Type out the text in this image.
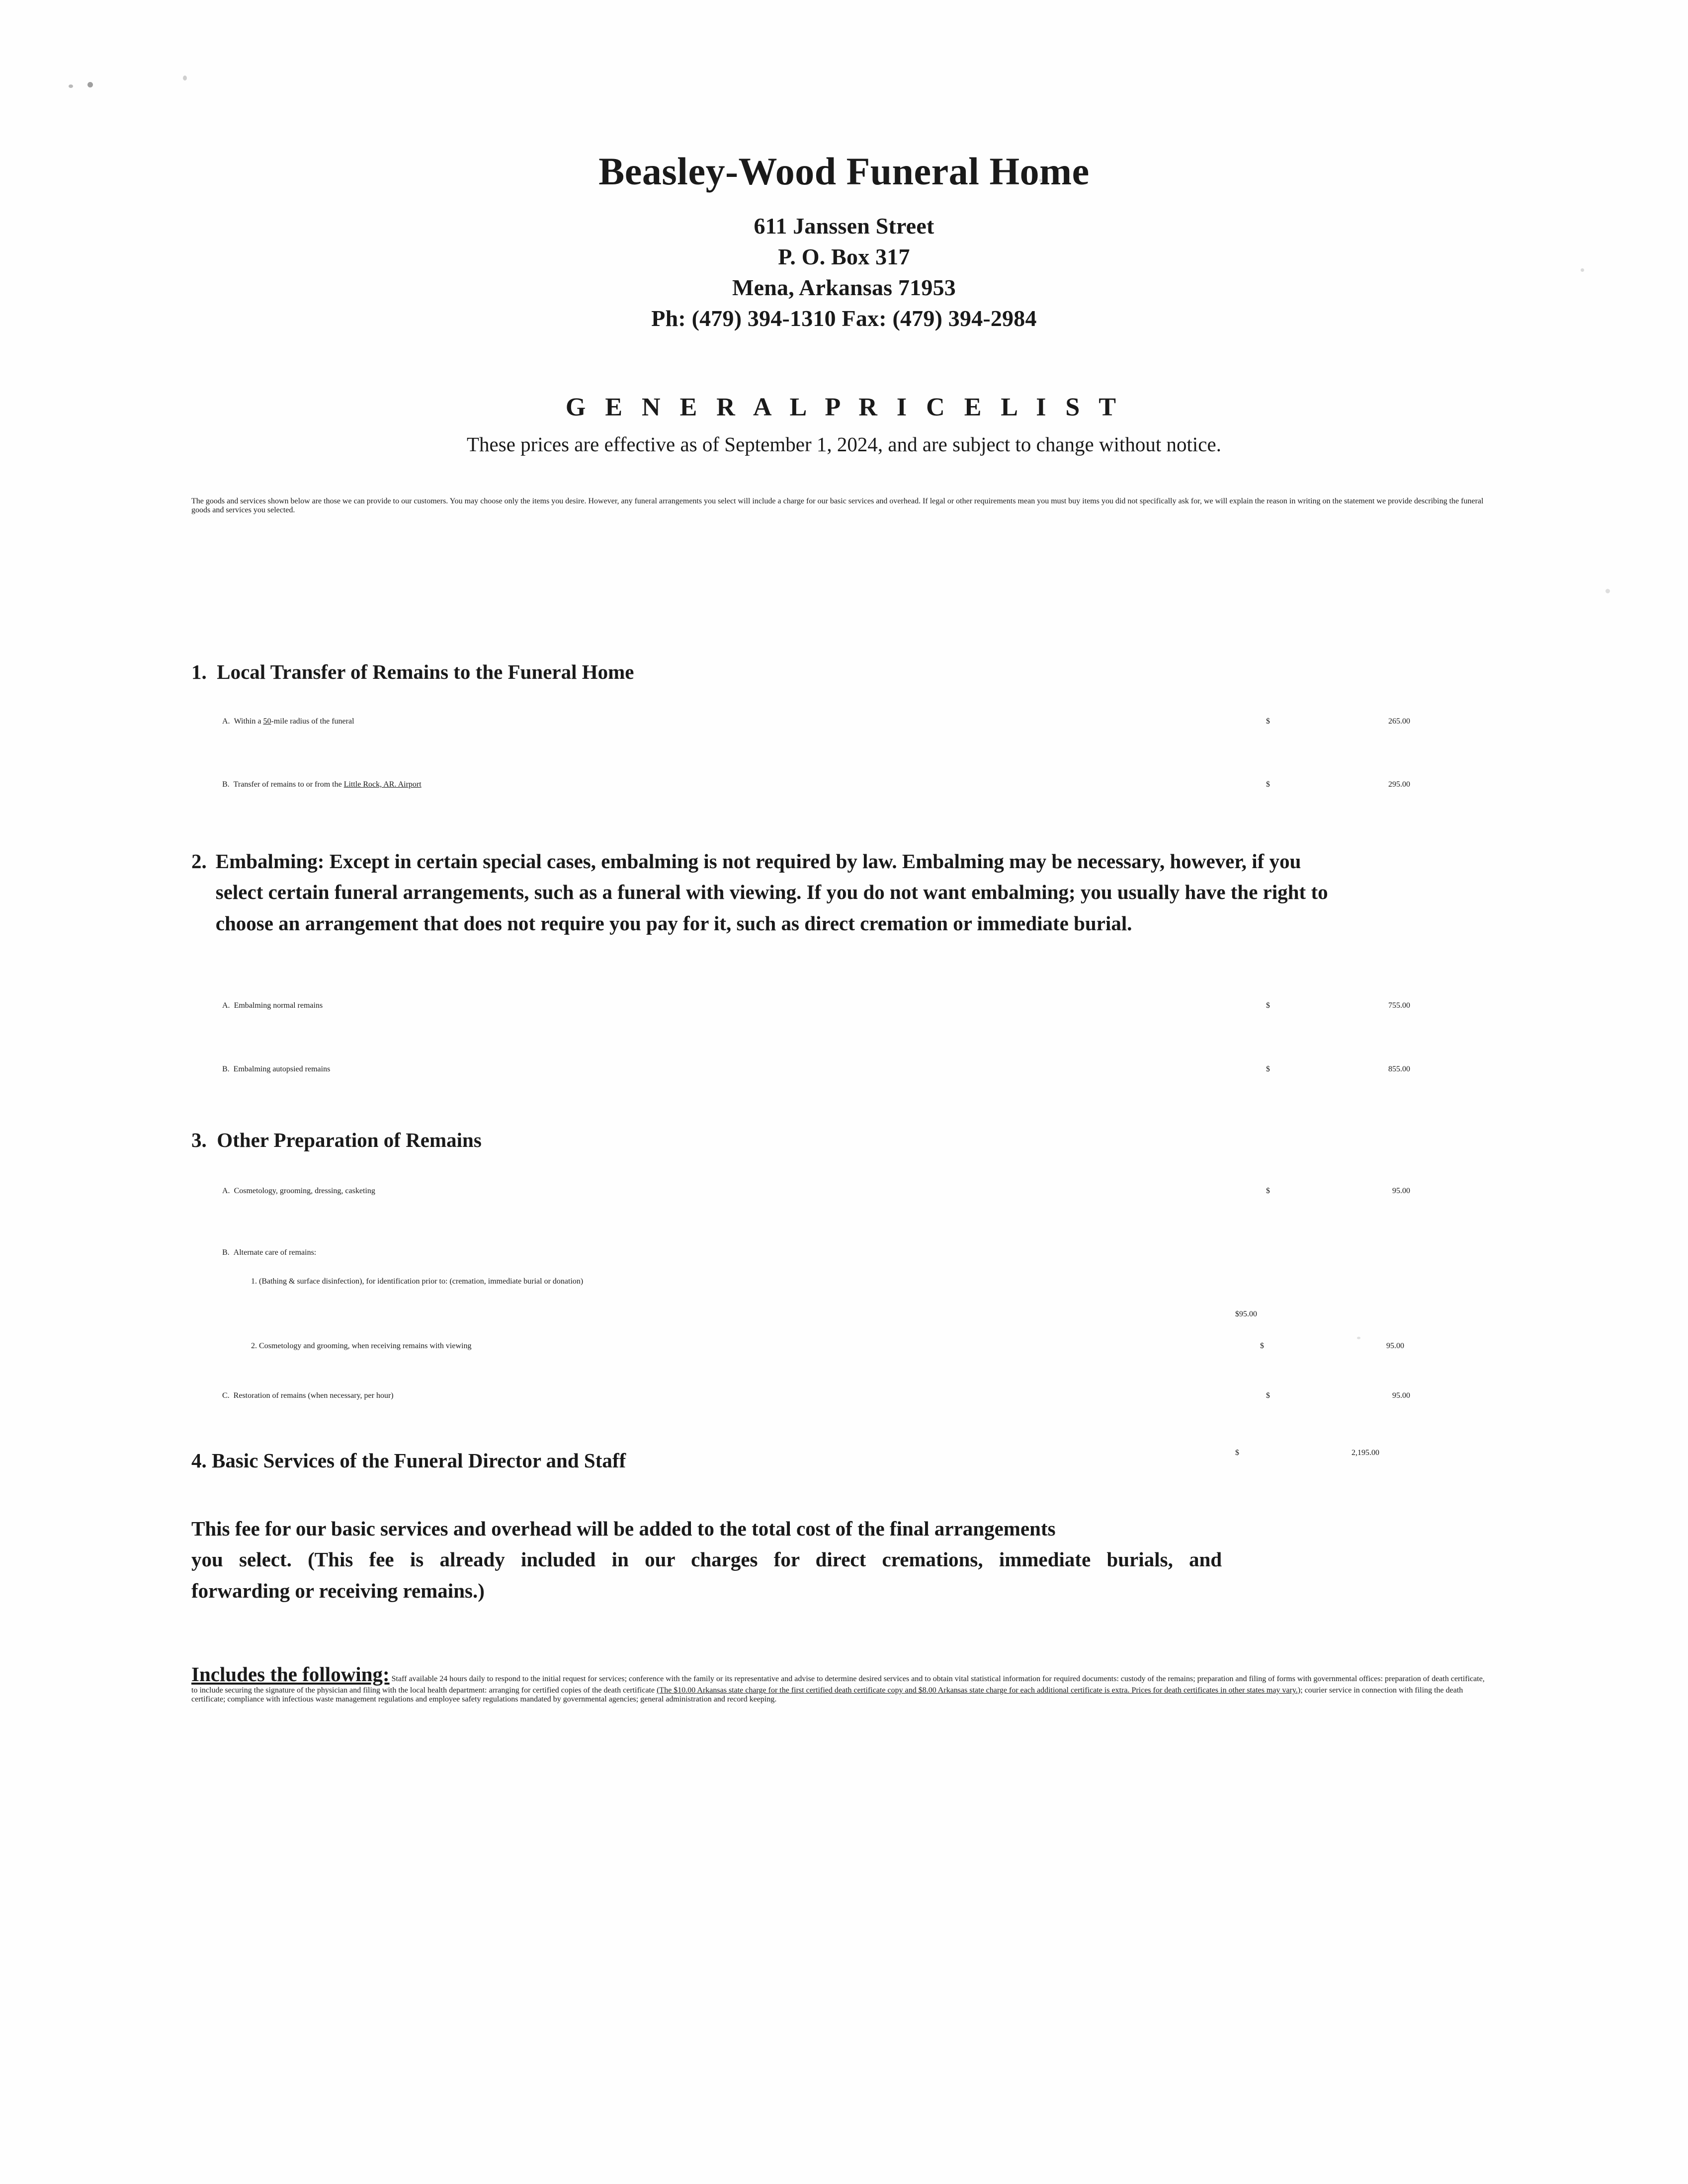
Beasley-Wood Funeral Home
611 Janssen Street
P. O. Box 317
Mena, Arkansas 71953
Ph: (479) 394-1310 Fax: (479) 394-2984
G E N E R A L P R I C E L I S T
These prices are effective as of September 1, 2024, and are subject to change without notice.

The goods and services shown below are those we can provide to our customers. You may choose only the items you desire. However, any funeral arrangements you select will include a charge for our basic services and overhead. If legal or other requirements mean you must buy items you did not specifically ask for, we will explain the reason in writing on the statement we provide describing the funeral goods and services you selected.

1. Local Transfer of Remains to the Funeral Home
A. Within a 50-mile radius of the funeral	$	265.00
B. Transfer of remains to or from the Little Rock, AR. Airport	$	295.00
2. Embalming: Except in certain special cases, embalming is not required by law. Embalming may be necessary, however, if you select certain funeral arrangements, such as a funeral with viewing. If you do not want embalming; you usually have the right to choose an arrangement that does not require you pay for it, such as direct cremation or immediate burial.
A. Embalming normal remains	$	755.00
B. Embalming autopsied remains	$	855.00
3. Other Preparation of Remains
A. Cosmetology, grooming, dressing, casketing	$	95.00
B. Alternate care of remains:
1. (Bathing & surface disinfection), for identification prior to: (cremation, immediate burial or donation)
$ 95.00
2. Cosmetology and grooming, when receiving remains with viewing	$	95.00
C. Restoration of remains (when necessary, per hour)	$	95.00
4. Basic Services of the Funeral Director and Staff	$	2,195.00
This fee for our basic services and overhead will be added to the total cost of the final arrangements
you select. (This fee is already included in our charges for direct cremations, immediate burials, and
forwarding or receiving remains.)

Includes the following: Staff available 24 hours daily to respond to the initial request for services; conference with the family or its representative and advise to determine desired services and to obtain vital statistical information for required documents: custody of the remains; preparation and filing of forms with governmental offices: preparation of death certificate, to include securing the signature of the physician and filing with the local health department: arranging for certified copies of the death certificate (The $10.00 Arkansas state charge for the first certified death certificate copy and $8.00 Arkansas state charge for each additional certificate is extra. Prices for death certificates in other states may vary.); courier service in connection with filing the death certificate; compliance with infectious waste management regulations and employee safety regulations mandated by governmental agencies; general administration and record keeping.
